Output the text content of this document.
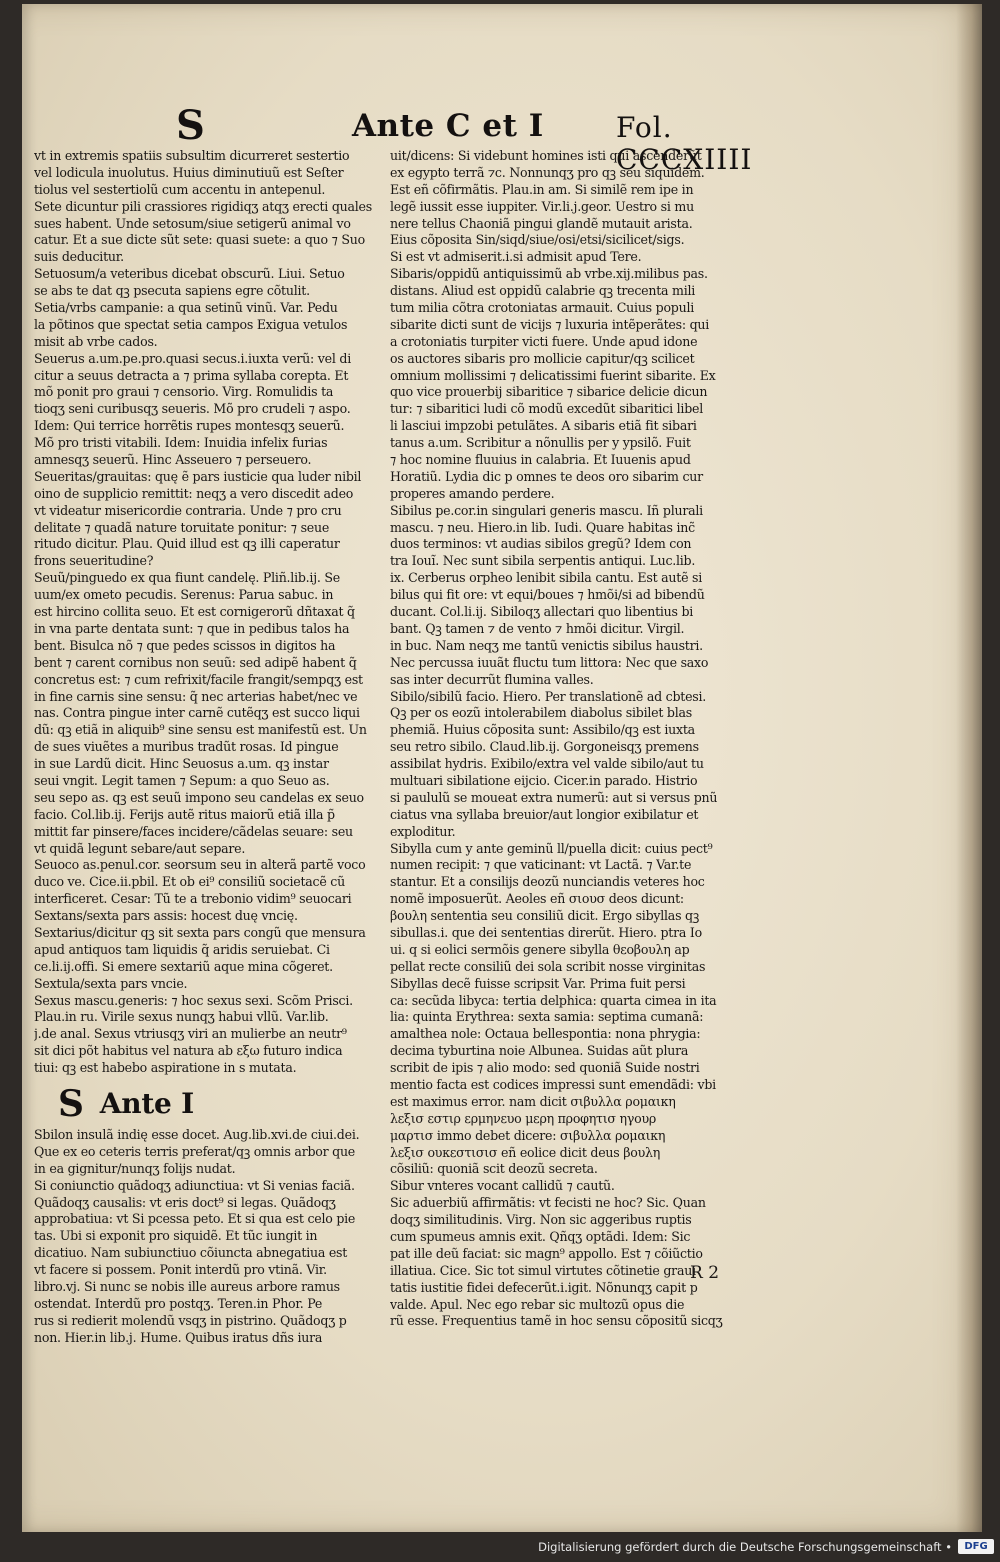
S	Ante C et I	Fol. CCCXIIII
vt in extremis spatiis subsultim dicurreret sestertio
vel lodicula inuolutus. Huius diminutiuũ est Seſter
tiolus vel sestertiolũ cum accentu in antepenul.
Sete dicuntur pili crassiores rigidiqʒ atqʒ erecti quales
sues habent. Unde setosum/siue setigerũ animal vo
catur. Et a sue dicte sũt sete: quasi suete: a quo ⁊ Suo
suis deducitur.
Setuosum/a veteribus dicebat obscurũ. Liui. Setuo
se abs te dat qꝫ psecuta sapiens egre cõtulit.
Setia/vrbs campanie: a qua setinũ vinũ. Var. Pedu
la põtinos que spectat setia campos Exigua vetulos
misit ab vrbe cados.
Seuerus a.um.pe.pro.quasi secus.i.iuxta verũ: vel di
citur a seuus detracta a ⁊ prima syllaba corepta. Et
mõ ponit pro graui ⁊ censorio. Virg. Romulidis ta
tioqʒ seni curibusqʒ seueris. Mõ pro crudeli ⁊ aspo.
Idem: Qui terrice horrẽtis rupes montesqʒ seuerũ.
Mõ pro tristi vitabili. Idem: Inuidia infelix furias
amnesqʒ seuerũ. Hinc Asseuero ⁊ perseuero.
Seueritas/grauitas: quę ẽ pars iusticie qua luder nibil
oino de supplicio remittit: neqʒ a vero discedit adeo
vt videatur misericordie contraria. Unde ⁊ pro cru
delitate ⁊ quadã nature toruitate ponitur: ⁊ seue
ritudo dicitur. Plau. Quid illud est qꝫ illi caperatur
frons seueritudine?
Seuũ/pinguedo ex qua fiunt candelę. Pliñ.lib.ij. Se
uum/ex ometo pecudis. Serenus: Parua sabuc. in
est hircino collita seuo. Et est cornigerorũ dñtaxat q̃
in vna parte dentata sunt: ⁊ que in pedibus talos ha
bent. Bisulca nõ ⁊ que pedes scissos in digitos ha
bent ⁊ carent cornibus non seuũ: sed adipẽ habent q̃
concretus est: ⁊ cum refrixit/facile frangit/sempqʒ est
in fine carnis sine sensu: q̃ nec arterias habet/nec ve
nas. Contra pingue inter carnẽ cutẽqʒ est succo liqui
dũ: qꝫ etiã in aliquib⁹ sine sensu est manifestũ est. Un
de sues viuẽtes a muribus tradũt rosas. Id pingue
in sue Lardũ dicit. Hinc Seuosus a.um. qꝫ instar
seui vngit. Legit tamen ⁊ Sepum: a quo Seuo as.
seu sepo as. qꝫ est seuũ impono seu candelas ex seuo
facio. Col.lib.ij. Ferijs autẽ ritus maiorũ etiã illa p̃
mittit far pinsere/faces incidere/cãdelas seuare: seu
vt quidã legunt sebare/aut separe.
Seuoco as.penul.cor. seorsum seu in alterã partẽ voco
duco ve. Cice.ii.pbil. Et ob ei⁹ consiliũ societacẽ cũ
interficeret. Cesar: Tũ te a trebonio vidim⁹ seuocari
Sextans/sexta pars assis: hocest duę vncię.
Sextarius/dicitur qꝫ sit sexta pars congũ que mensura
apud antiquos tam liquidis q̃ aridis seruiebat. Ci
ce.li.ij.offi. Si emere sextariũ aque mina cõgeret.
Sextula/sexta pars vncie.
Sexus mascu.generis: ⁊ hoc sexus sexi. Scõm Prisci.
Plau.in ru. Virile sexus nunqʒ habui vllũ. Var.lib.
j.de anal. Sexus vtriusqʒ viri an mulierbe an neutr⁹
sit dici põt habitus vel natura ab εξω futuro indica
tiui: qꝫ est habebo aspiratione in s mutata.
S Ante I
Sbilon insulã indię esse docet. Aug.lib.xvi.de ciui.dei.
Que ex eo ceteris terris preferat/qꝫ omnis arbor que
in ea gignitur/nunqʒ folijs nudat.
Si coniunctio quãdoqʒ adiunctiua: vt Si venias faciã.
Quãdoqʒ causalis: vt eris doct⁹ si legas. Quãdoqʒ
approbatiua: vt Si pcessa peto. Et si qua est celo pie
tas. Ubi si exponit pro siquidẽ. Et tũc iungit in
dicatiuo. Nam subiunctiuo cõiuncta abnegatiua est
vt facere si possem. Ponit interdũ pro vtinã. Vir.
libro.vj. Si nunc se nobis ille aureus arbore ramus
ostendat. Interdũ pro postqʒ. Teren.in Phor. Pe
rus si redierit molendũ vsqʒ in pistrino. Quãdoqʒ p
non. Hier.in lib.j. Hume. Quibus iratus dñs iura
uit/dicens: Si videbunt homines isti qui ascenderũt
ex egypto terrã ⁊c. Nonnunqʒ pro qꝫ seu siquidem.
Est eñ cõfirmãtis. Plau.in am. Si similẽ rem ipe in
legẽ iussit esse iuppiter. Vir.li.j.geor. Uestro si mu
nere tellus Chaoniã pingui glandẽ mutauit arista.
Eius cõposita Sin/siqd/siue/osi/etsi/sicilicet/sigs.
Si est vt admiserit.i.si admisit apud Tere.
Sibaris/oppidũ antiquissimũ ab vrbe.xij.milibus pas.
distans. Aliud est oppidũ calabrie qꝫ trecenta mili
tum milia cõtra crotoniatas armauit. Cuius populi
sibarite dicti sunt de vicijs ⁊ luxuria intẽperãtes: qui
a crotoniatis turpiter victi fuere. Unde apud idone
os auctores sibaris pro mollicie capitur/qꝫ scilicet
omnium mollissimi ⁊ delicatissimi fuerint sibarite. Ex
quo vice prouerbij sibaritice ⁊ sibarice delicie dicun
tur: ⁊ sibaritici ludi cõ modũ excedũt sibaritici libel
li lasciui impzobi petulãtes. A sibaris etiã fit sibari
tanus a.um. Scribitur a nõnullis per y ypsilõ. Fuit
⁊ hoc nomine fluuius in calabria. Et Iuuenis apud
Horatiũ. Lydia dic p omnes te deos oro sibarim cur
properes amando perdere.
Sibilus pe.cor.in singulari generis mascu. Iñ plurali
mascu. ⁊ neu. Hiero.in lib. Iudi. Quare habitas inc̃
duos terminos: vt audias sibilos gregũ? Idem con
tra Iouĩ. Nec sunt sibila serpentis antiqui. Luc.lib.
ix. Cerberus orpheo lenibit sibila cantu. Est autẽ si
bilus qui fit ore: vt equi/boues ⁊ hmõi/si ad bibendũ
ducant. Col.li.ij. Sibiloqʒ allectari quo libentius bi
bant. Qꝫ tamen ⁊ de vento ⁊ hmõi dicitur. Virgil.
in buc. Nam neqʒ me tantũ venictis sibilus haustri.
Nec percussa iuuãt fluctu tum littora: Nec que saxo
sas inter decurrũt flumina valles.
Sibilo/sibilũ facio. Hiero. Per translationẽ ad cbtesi.
Qꝫ per os eozũ intolerabilem diabolus sibilet blas
phemiã. Huius cõposita sunt: Assibilo/qꝫ est iuxta
seu retro sibilo. Claud.lib.ij. Gorgoneisqʒ premens
assibilat hydris. Exibilo/extra vel valde sibilo/aut tu
multuari sibilatione eijcio. Cicer.in parado. Histrio
si paululũ se moueat extra numerũ: aut si versus pnũ
ciatus vna syllaba breuior/aut longior exibilatur et
exploditur.
Sibylla cum y ante geminũ ll/puella dicit: cuius pect⁹
numen recipit: ⁊ que vaticinant: vt Lactã. ⁊ Var.te
stantur. Et a consilijs deozũ nunciandis veteres hoc
nomẽ imposuerũt. Aeoles eñ σιουσ deos dicunt:
βουλη sententia seu consiliũ dicit. Ergo sibyllas qꝫ
sibullas.i. que dei sententias direrũt. Hiero. ptra Io
ui. q si eolici sermõis genere sibylla θεοβουλη ap
pellat recte consiliũ dei sola scribit nosse virginitas
Sibyllas decẽ fuisse scripsit Var. Prima fuit persi
ca: secũda libyca: tertia delphica: quarta cimea in ita
lia: quinta Erythrea: sexta samia: septima cumanã:
amalthea nole: Octaua bellespontia: nona phrygia:
decima tyburtina noie Albunea. Suidas aũt plura
scribit de ipis ⁊ alio modo: sed quoniã Suide nostri
mentio facta est codices impressi sunt emendãdi: vbi
est maximus error. nam dicit σιβυλλα ρομαικη
λεξισ εστιρ ερμηνευο μερη προφητισ ηγουρ
μαρτισ immo debet dicere: σιβυλλα ρομαικη
λεξισ ουκεστισισ eñ eolice dicit deus βουλη
cõsiliũ: quoniã scit deozũ secreta.
Sibur vnteres vocant callidũ ⁊ cautũ.
Sic aduerbiũ affirmãtis: vt fecisti ne hoc? Sic. Quan
doqʒ similitudinis. Virg. Non sic aggeribus ruptis
cum spumeus amnis exit. Qñqʒ optãdi. Idem: Sic
pat ille deũ faciat: sic magn⁹ appollo. Est ⁊ cõiũctio
illatiua. Cice. Sic tot simul virtutes cõtinetie graui
tatis iustitie fidei defecerũt.i.igit. Nõnunqʒ capit p
valde. Apul. Nec ego rebar sic multozũ opus die
rũ esse. Frequentius tamẽ in hoc sensu cõpositũ sicqʒ
R 2
Digitalisierung gefördert durch die Deutsche Forschungsgemeinschaft •	DFG
